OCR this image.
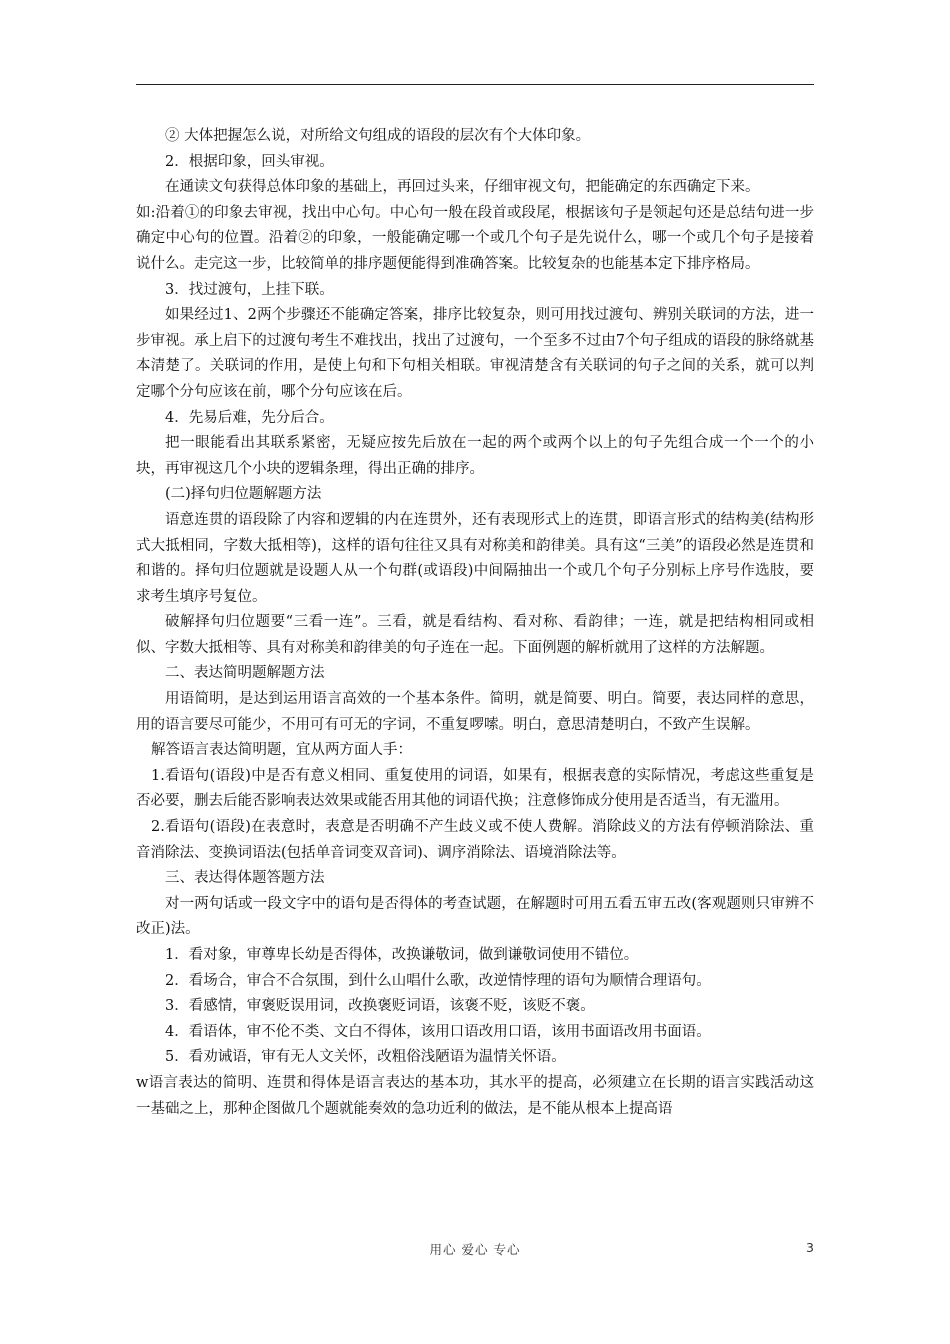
② 大体把握怎么说，对所给文句组成的语段的层次有个大体印象。

2．根据印象，回头审视。

在通读文句获得总体印象的基础上，再回过头来，仔细审视文句，把能确定的东西确定下来。

如:沿着①的印象去审视，找出中心句。中心句一般在段首或段尾，根据该句子是领起句还是总结句进一步确定中心句的位置。沿着②的印象，一般能确定哪一个或几个句子是先说什么，哪一个或几个句子是接着说什么。走完这一步，比较简单的排序题便能得到准确答案。比较复杂的也能基本定下排序格局。

3．找过渡句，上挂下联。

如果经过1、2两个步骤还不能确定答案，排序比较复杂，则可用找过渡句、辨别关联词的方法，进一步审视。承上启下的过渡句考生不难找出，找出了过渡句，一个至多不过由7个句子组成的语段的脉络就基本清楚了。关联词的作用，是使上句和下句相关相联。审视清楚含有关联词的句子之间的关系，就可以判定哪个分句应该在前，哪个分句应该在后。

4．先易后难，先分后合。

把一眼能看出其联系紧密，无疑应按先后放在一起的两个或两个以上的句子先组合成一个一个的小块，再审视这几个小块的逻辑条理，得出正确的排序。

(二)择句归位题解题方法

语意连贯的语段除了内容和逻辑的内在连贯外，还有表现形式上的连贯，即语言形式的结构美(结构形式大抵相同，字数大抵相等)，这样的语句往往又具有对称美和韵律美。具有这“三美”的语段必然是连贯和和谐的。择句归位题就是设题人从一个句群(或语段)中间隔抽出一个或几个句子分别标上序号作选肢，要求考生填序号复位。

破解择句归位题要“三看一连”。三看，就是看结构、看对称、看韵律；一连，就是把结构相同或相似、字数大抵相等、具有对称美和韵律美的句子连在一起。下面例题的解析就用了这样的方法解题。

二、表达简明题解题方法

用语简明，是达到运用语言高效的一个基本条件。简明，就是简要、明白。简要，表达同样的意思，用的语言要尽可能少，不用可有可无的字词，不重复啰嗦。明白，意思清楚明白，不致产生误解。

解答语言表达简明题，宜从两方面人手：

1.看语句(语段)中是否有意义相同、重复使用的词语，如果有，根据表意的实际情况，考虑这些重复是否必要，删去后能否影响表达效果或能否用其他的词语代换；注意修饰成分使用是否适当，有无滥用。

2.看语句(语段)在表意时，表意是否明确不产生歧义或不使人费解。消除歧义的方法有停顿消除法、重音消除法、变换词语法(包括单音词变双音词)、调序消除法、语境消除法等。

三、表达得体题答题方法

对一两句话或一段文字中的语句是否得体的考查试题，在解题时可用五看五审五改(客观题则只审辨不改正)法。

1．看对象，审尊卑长幼是否得体，改换谦敬词，做到谦敬词使用不错位。

2．看场合，审合不合氛围，到什么山唱什么歌，改逆情悖理的语句为顺情合理语句。

3．看感情，审褒贬误用词，改换褒贬词语，该褒不贬，该贬不褒。

4．看语体，审不伦不类、文白不得体，该用口语改用口语，该用书面语改用书面语。

5．看劝诫语，审有无人文关怀，改粗俗浅陋语为温情关怀语。

w语言表达的简明、连贯和得体是语言表达的基本功，其水平的提高，必须建立在长期的语言实践活动这一基础之上，那种企图做几个题就能奏效的急功近利的做法，是不能从根本上提高语

用心 爱心 专心	3
